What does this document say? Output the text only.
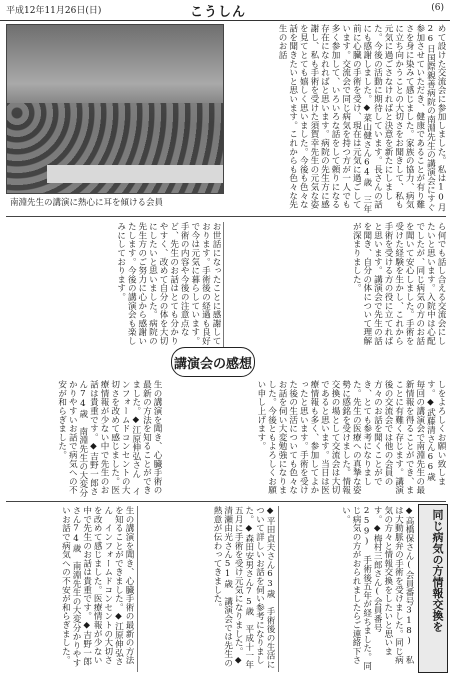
平成12年11月26日(日)	こうしん	(6)
南淵先生の講演に熱心に耳を傾ける会員	めて設けた交流会に参加しました。私は10月26日国際親善病院の南淵先生の講演会にすぐ参加させていただき、健康であることが有り難さを身に染みて感じました。家族の協力、病気に立ち向かうことの大切さをお聞きして、私も元気に過ごさなければと決意を新たにしました。今後の活動に期待しています。長さんの話にも感謝しました。◆菜山健さん64歳　三年前に心臓の手術を受け、現在は元気に過ごしています。交流会で同じ病気を持つ方が一人でも多く参加して、いろいろな話をして頼りになる存在になれればと思います。病院の先生方に感謝し、私も手術を受けた須賀幸先生の元気な姿を見てとても嬉しく思いました。今後も色々な話を聞きたいと思います。これからも色々な先生のお話
お世話になったことに感謝しております。手術後の経過も良好で今は元気に暮らしています。手術の内容や今後の注意点など、先生のお話はとても分かりやすく、改めて自分の体を大切にしたいと思いました。病院の先生方のご努力に心から感謝いたします。今後の講演会も楽しみにしております。	ら何でも話し合える交流会にしたいと思います。入院中は心配でしたが、同じ病気の方のお話を聞いて安心しました。手術を受けた経験を生かし、これから手術を受ける方の役に立てればと思います。講演会で先生の話を聞き、自分の体について理解が深まりました。
講演会の感想
生の講演を聞き、心臓手術の最新の方法を知ることができました。◆江原伸弘さん　インフォームドコンセントの大切さを改めて感じました。医療情報が少ない中で先生のお話は貴重です。◆吉野一郎さん74歳　南淵先生の大変分かりやすいお話で病気への不安が和らぎました。	しをよろしくお願い致します。◆武藤清さん66歳　毎回の講演会で南淵先生の最新情報を得ることができ、まことに有難く存じます。講演後の交流会では他の会員の方々のお話を聞くことができ、とても参考になりました。先生の医療への真摯な姿勢に感銘を受けました。情報交換の場として交流会は大切であると思います。当日は医療情報も多く、参加してよかったと思います。手術を受けた後の生活についても色々なお話を伺い大変勉強になりました。今後ともよろしくお願い申し上げます。
生の講演を聞き、心臓手術の最新の方法を知ることができました。◆江原伸弘さん　インフォームドコンセントの大切さを改めて感じました。医療情報が少ない中で先生のお話は貴重です。◆吉野一郎さん74歳　南淵先生の大変分かりやすいお話で病気への不安が和らぎました。	◆平田貞夫さん63歳　手術後の生活について詳しいお話を伺い参考になりました。◆森田安男さん75歳　平成十一年五月に手術を受け元気になりました。◆清瀬由光さん51歳　講演会では先生の熱意が伝わってきました。	◆高橋保さん(会員番号318)　私は大動脈弁の手術を受けました。同じ病気の方々と情報交換をしたいと思います。◆梅村三郎さん(会員番号259)　手術後五年が経ちました。同じ病気の方がおられましたらご連絡下さい。	同じ病気の方情報交換を
